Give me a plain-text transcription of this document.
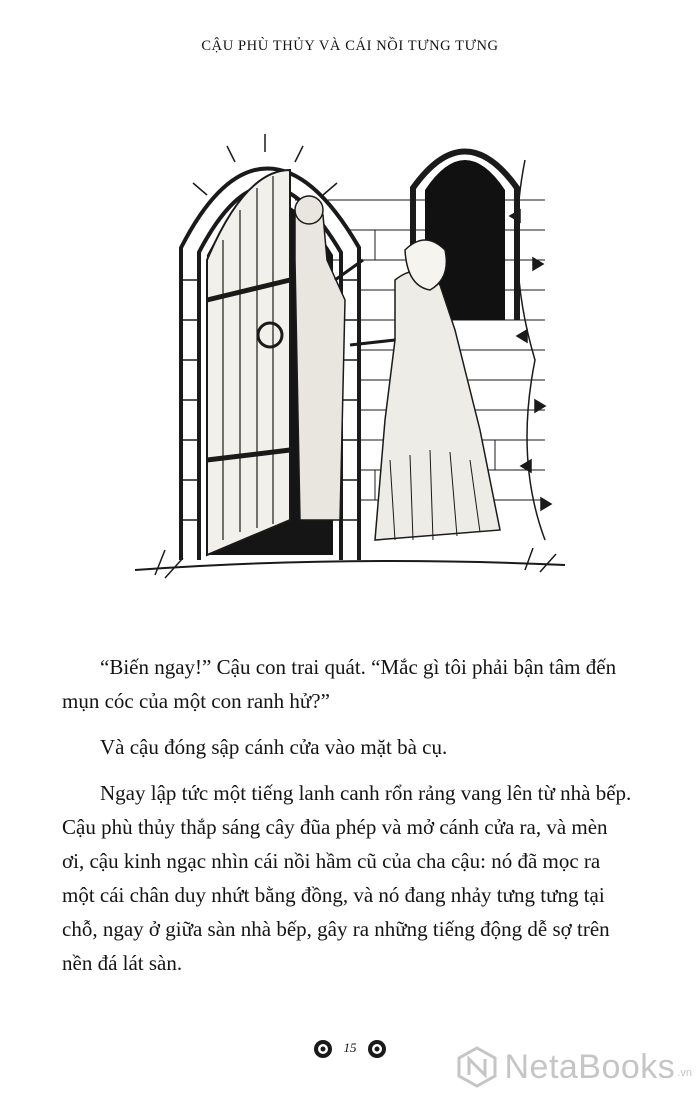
CẬU PHÙ THỦY VÀ CÁI NỒI TƯNG TƯNG

“Biến ngay!” Cậu con trai quát. “Mắc gì tôi phải bận tâm đến mụn cóc của một con ranh hử?”

Và cậu đóng sập cánh cửa vào mặt bà cụ.

Ngay lập tức một tiếng lanh canh rổn rảng vang lên từ nhà bếp. Cậu phù thủy thắp sáng cây đũa phép và mở cánh cửa ra, và mèn ơi, cậu kinh ngạc nhìn cái nồi hầm cũ của cha cậu: nó đã mọc ra một cái chân duy nhứt bằng đồng, và nó đang nhảy tưng tưng tại chỗ, ngay ở giữa sàn nhà bếp, gây ra những tiếng động dễ sợ trên nền đá lát sàn.

15
NetaBooks .vn
